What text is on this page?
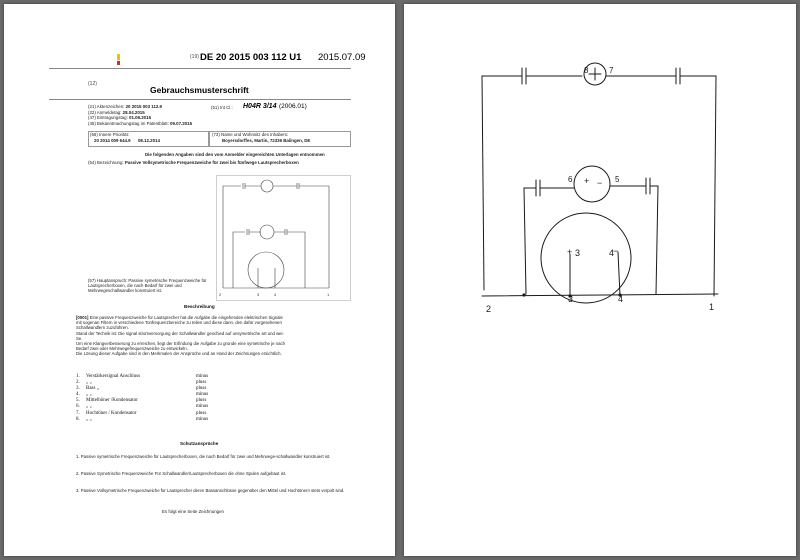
(19) DE 20 2015 003 112 U1 2015.07.09
(12)
Gebrauchsmusterschrift
(21) Aktenzeichen: 20 2015 003 112.9
(22) Anmeldetag: 28.04.2015
(47) Eintragungstag: 01.06.2015
(45) Bekanntmachungstag im Patentblatt: 09.07.2015
(51) Int Cl.: H04R 3/14 (2006.01)
(66) Innere Priorität:
20 2014 009 644.9 08.12.2014
(73) Name und Wohnsitz des Inhabers:
Boyersdorffes, Martin, 72336 Balingen, DE
Die folgenden Angaben sind den vom Anmelder eingereichten Unterlagen entnommen
(54) Bezeichnung: Passive Vollsymetrische Frequenzweiche für zwei bis fünfwege Lautsprecherboxen
2	3	4	1
(57) Hauptanspruch: Passive symetrische Frequenzweiche für Lautsprecherboxen, die nach Bedarf für zwei und Mehrwegeschallwandler konstruiert ist.
Beschreibung
[0001] Eine passive Frequenzweiche für Lautsprecher hat die Aufgabe die eingehenden elektrischen Signale
mit sogenan Filtern in verschiedene Tonfrequenzbereiche zu teilen und diese dann, den dafür vorgesehenen
Schallwandlern zuzuführen.
Stand der Technik ist: Die signal stromversorgung der Schallwandler geschied auf unsymetrische art und wei-
Se.
Um eine Klangverbesserung zu erreichen, liegt der Erfindung die Aufgabe zu grunde eine symetrische je nach
Bedarf zwei oder Mehrwegefrequenzweiche zu entwickeln.
Die Lösung dieser Aufgabe sind in den Merkmalen der Ansprüche und an Hand der Zeichnungen ersichtlich.
1. Verstärkersignal Anschluss	minus
2. „ „	pluss
3. Bass „	pluss
4. „ „	minus
5. Mittelhöner /Kondensator	pluss
6. „ „	minus
7. Hochtöner / Kondensator	pluss
8. „ „	minus
Schutzansprüche
1. Passive symetrische Frequenzweiche für Lautsprecherboxen, die nach Bedarf für zwei und Mehrwege-schallwandler konstruiert ist.
2. Passive Symetrische Frequenzweiche Für Schallwandler/Lautsprecherboxen die ohne Spulen aufgebaut ist.
3. Passive Vollsymetrische Frequenzweiche für Lautsprecher deren Bassanschlüsse gegenüber den Mittel und Hochtönern stets verpolt sind.
Es folgt eine Seite Zeichnungen
8	7
6	5
+ −
+ 3	4
−
2
3	4
1
